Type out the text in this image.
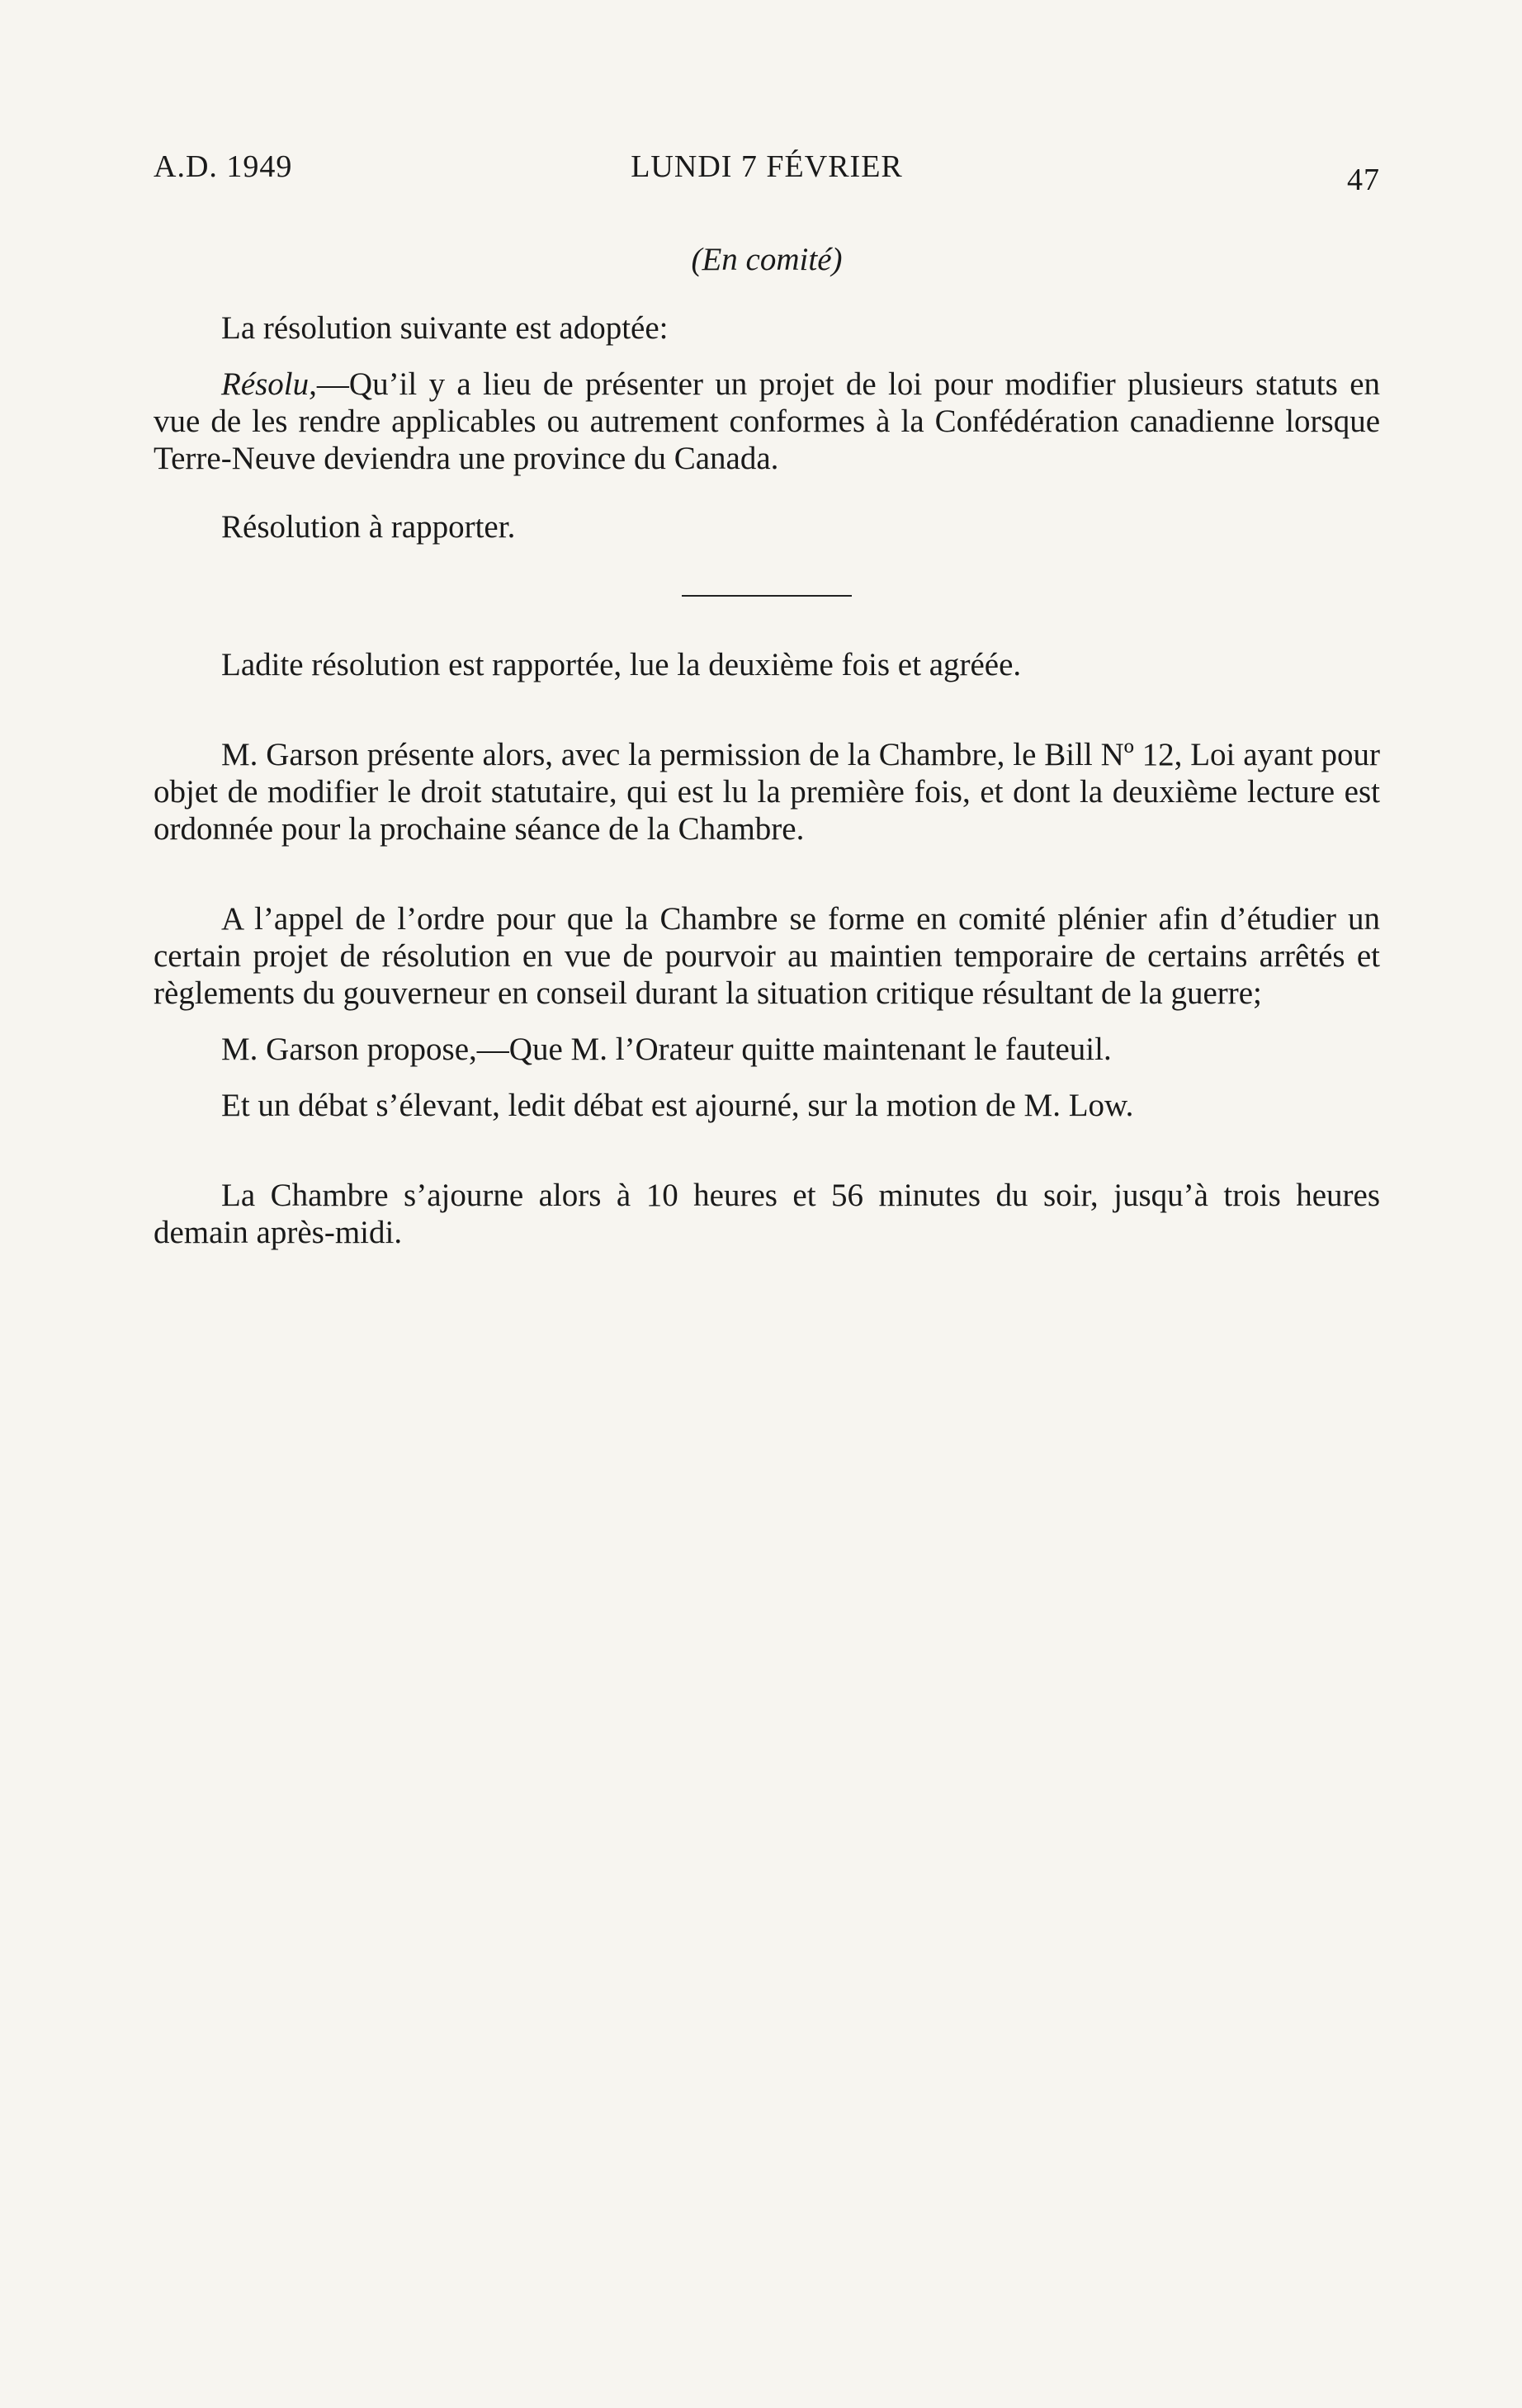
A.D. 1949	LUNDI 7 FÉVRIER	47

(En comité)

La résolution suivante est adoptée:

Résolu,—Qu’il y a lieu de présenter un projet de loi pour modifier plusieurs statuts en vue de les rendre applicables ou autrement conformes à la Confédération canadienne lorsque Terre-Neuve deviendra une province du Canada.

Résolution à rapporter.

Ladite résolution est rapportée, lue la deuxième fois et agréée.

M. Garson présente alors, avec la permission de la Chambre, le Bill Nº 12, Loi ayant pour objet de modifier le droit statutaire, qui est lu la première fois, et dont la deuxième lecture est ordonnée pour la prochaine séance de la Chambre.

A l’appel de l’ordre pour que la Chambre se forme en comité plénier afin d’étudier un certain projet de résolution en vue de pourvoir au maintien temporaire de certains arrêtés et règlements du gouverneur en conseil durant la situation critique résultant de la guerre;

M. Garson propose,—Que M. l’Orateur quitte maintenant le fauteuil.

Et un débat s’élevant, ledit débat est ajourné, sur la motion de M. Low.

La Chambre s’ajourne alors à 10 heures et 56 minutes du soir, jusqu’à trois heures demain après-midi.
